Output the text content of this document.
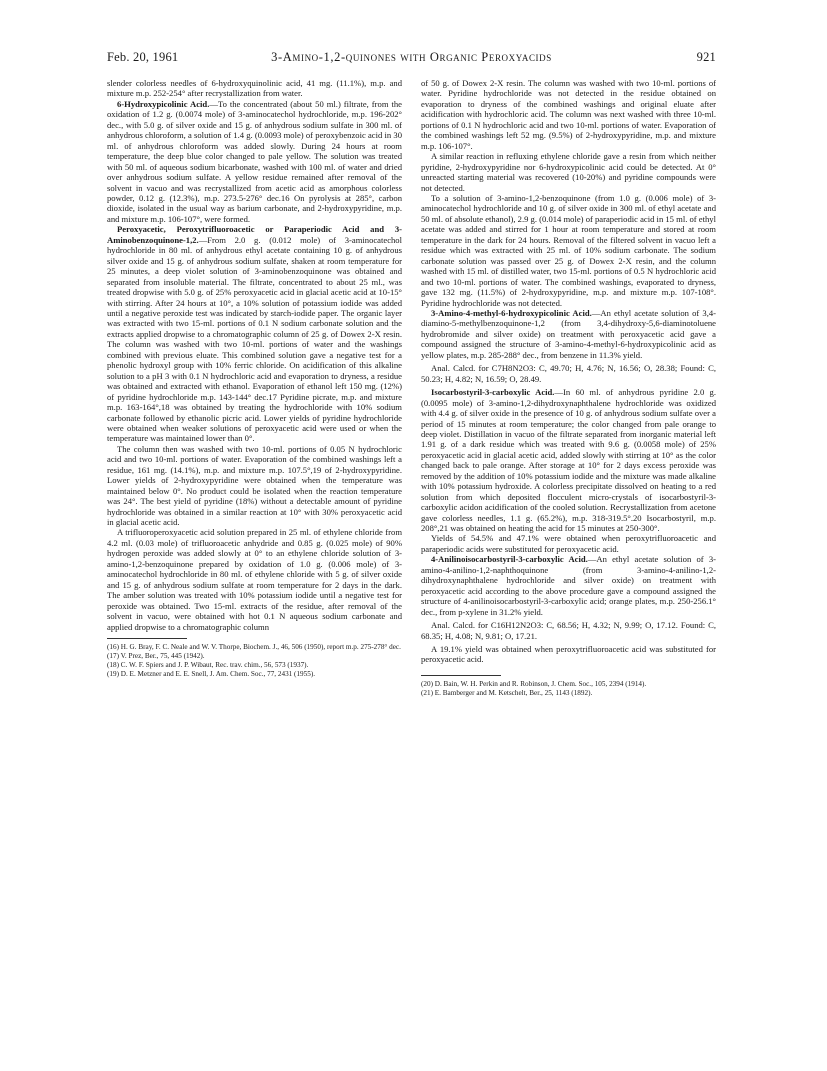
Feb. 20, 1961	3-Amino-1,2-quinones with Organic Peroxyacids	921

slender colorless needles of 6-hydroxyquinolinic acid, 41 mg. (11.1%), m.p. and mixture m.p. 252-254° after recrystallization from water.

6-Hydroxypicolinic Acid.—To the concentrated (about 50 ml.) filtrate, from the oxidation of 1.2 g. (0.0074 mole) of 3-aminocatechol hydrochloride, m.p. 196-202° dec., with 5.0 g. of silver oxide and 15 g. of anhydrous sodium sulfate in 300 ml. of anhydrous chloroform, a solution of 1.4 g. (0.0093 mole) of peroxybenzoic acid in 30 ml. of anhydrous chloroform was added slowly. During 24 hours at room temperature, the deep blue color changed to pale yellow. The solution was treated with 50 ml. of aqueous sodium bicarbonate, washed with 100 ml. of water and dried over anhydrous sodium sulfate. A yellow residue remained after removal of the solvent in vacuo and was recrystallized from acetic acid as amorphous colorless powder, 0.12 g. (12.3%), m.p. 273.5-276° dec.16 On pyrolysis at 285°, carbon dioxide, isolated in the usual way as barium carbonate, and 2-hydroxypyridine, m.p. and mixture m.p. 106-107°, were formed.

Peroxyacetic, Peroxytrifluoroacetic or Paraperiodic Acid and 3-Aminobenzoquinone-1,2.—From 2.0 g. (0.012 mole) of 3-aminocatechol hydrochloride in 80 ml. of anhydrous ethyl acetate containing 10 g. of anhydrous silver oxide and 15 g. of anhydrous sodium sulfate, shaken at room temperature for 25 minutes, a deep violet solution of 3-aminobenzoquinone was obtained and separated from insoluble material. The filtrate, concentrated to about 25 ml., was treated dropwise with 5.0 g. of 25% peroxyacetic acid in glacial acetic acid at 10-15° with stirring. After 24 hours at 10°, a 10% solution of potassium iodide was added until a negative peroxide test was indicated by starch-iodide paper. The organic layer was extracted with two 15-ml. portions of 0.1 N sodium carbonate solution and the extracts applied dropwise to a chromatographic column of 25 g. of Dowex 2-X resin. The column was washed with two 10-ml. portions of water and the washings combined with previous eluate. This combined solution gave a negative test for a phenolic hydroxyl group with 10% ferric chloride. On acidification of this alkaline solution to a pH 3 with 0.1 N hydrochloric acid and evaporation to dryness, a residue was obtained and extracted with ethanol. Evaporation of ethanol left 150 mg. (12%) of pyridine hydrochloride m.p. 143-144° dec.17 Pyridine picrate, m.p. and mixture m.p. 163-164°,18 was obtained by treating the hydrochloride with 10% sodium carbonate followed by ethanolic picric acid. Lower yields of pyridine hydrochloride were obtained when weaker solutions of peroxyacetic acid were used or when the temperature was maintained lower than 0°.

The column then was washed with two 10-ml. portions of 0.05 N hydrochloric acid and two 10-ml. portions of water. Evaporation of the combined washings left a residue, 161 mg. (14.1%), m.p. and mixture m.p. 107.5°,19 of 2-hydroxypyridine. Lower yields of 2-hydroxypyridine were obtained when the temperature was maintained below 0°. No product could be isolated when the reaction temperature was 24°. The best yield of pyridine (18%) without a detectable amount of pyridine hydrochloride was obtained in a similar reaction at 10° with 30% peroxyacetic acid in glacial acetic acid.

A trifluoroperoxyacetic acid solution prepared in 25 ml. of ethylene chloride from 4.2 ml. (0.03 mole) of trifluoroacetic anhydride and 0.85 g. (0.025 mole) of 90% hydrogen peroxide was added slowly at 0° to an ethylene chloride solution of 3-amino-1,2-benzoquinone prepared by oxidation of 1.0 g. (0.006 mole) of 3-aminocatechol hydrochloride in 80 ml. of ethylene chloride with 5 g. of silver oxide and 15 g. of anhydrous sodium sulfate at room temperature for 2 days in the dark. The amber solution was treated with 10% potassium iodide until a negative test for peroxide was obtained. Two 15-ml. extracts of the residue, after removal of the solvent in vacuo, were obtained with hot 0.1 N aqueous sodium carbonate and applied dropwise to a chromatographic column

(16) H. G. Bray, F. C. Neale and W. V. Thorpe, Biochem. J., 46, 506 (1950), report m.p. 275-278° dec.

(17) V. Prez, Ber., 75, 445 (1942).

(18) C. W. F. Spiers and J. P. Wibaut, Rec. trav. chim., 56, 573 (1937).

(19) D. E. Metzner and E. E. Snell, J. Am. Chem. Soc., 77, 2431 (1955).

of 50 g. of Dowex 2-X resin. The column was washed with two 10-ml. portions of water. Pyridine hydrochloride was not detected in the residue obtained on evaporation to dryness of the combined washings and original eluate after acidification with hydrochloric acid. The column was next washed with three 10-ml. portions of 0.1 N hydrochloric acid and two 10-ml. portions of water. Evaporation of the combined washings left 52 mg. (9.5%) of 2-hydroxypyridine, m.p. and mixture m.p. 106-107°.

A similar reaction in refluxing ethylene chloride gave a resin from which neither pyridine, 2-hydroxypyridine nor 6-hydroxypicolinic acid could be detected. At 0° unreacted starting material was recovered (10-20%) and pyridine compounds were not detected.

To a solution of 3-amino-1,2-benzoquinone (from 1.0 g. (0.006 mole) of 3-aminocatechol hydrochloride and 10 g. of silver oxide in 300 ml. of ethyl acetate and 50 ml. of absolute ethanol), 2.9 g. (0.014 mole) of paraperiodic acid in 15 ml. of ethyl acetate was added and stirred for 1 hour at room temperature and stored at room temperature in the dark for 24 hours. Removal of the filtered solvent in vacuo left a residue which was extracted with 25 ml. of 10% sodium carbonate. The sodium carbonate solution was passed over 25 g. of Dowex 2-X resin, and the column washed with 15 ml. of distilled water, two 15-ml. portions of 0.5 N hydrochloric acid and two 10-ml. portions of water. The combined washings, evaporated to dryness, gave 132 mg. (11.5%) of 2-hydroxypyridine, m.p. and mixture m.p. 107-108°. Pyridine hydrochloride was not detected.

3-Amino-4-methyl-6-hydroxypicolinic Acid.—An ethyl acetate solution of 3,4-diamino-5-methylbenzoquinone-1,2 (from 3,4-dihydroxy-5,6-diaminotoluene hydrobromide and silver oxide) on treatment with peroxyacetic acid gave a compound assigned the structure of 3-amino-4-methyl-6-hydroxypicolinic acid as yellow plates, m.p. 285-288° dec., from benzene in 11.3% yield.

Anal. Calcd. for C7H8N2O3: C, 49.70; H, 4.76; N, 16.56; O, 28.38; Found: C, 50.23; H, 4.82; N, 16.59; O, 28.49.

Isocarbostyril-3-carboxylic Acid.—In 60 ml. of anhydrous pyridine 2.0 g. (0.0095 mole) of 3-amino-1,2-dihydroxynaphthalene hydrochloride was oxidized with 4.4 g. of silver oxide in the presence of 10 g. of anhydrous sodium sulfate over a period of 15 minutes at room temperature; the color changed from pale orange to deep violet. Distillation in vacuo of the filtrate separated from inorganic material left 1.91 g. of a dark residue which was treated with 9.6 g. (0.0058 mole) of 25% peroxyacetic acid in glacial acetic acid, added slowly with stirring at 10° as the color changed back to pale orange. After storage at 10° for 2 days excess peroxide was removed by the addition of 10% potassium iodide and the mixture was made alkaline with 10% potassium hydroxide. A colorless precipitate dissolved on heating to a red solution from which deposited flocculent micro-crystals of isocarbostyril-3-carboxylic acidon acidification of the cooled solution. Recrystallization from acetone gave colorless needles, 1.1 g. (65.2%), m.p. 318-319.5°.20 Isocarbostyril, m.p. 208°,21 was obtained on heating the acid for 15 minutes at 250-300°.

Yields of 54.5% and 47.1% were obtained when peroxytrifluoroacetic and paraperiodic acids were substituted for peroxyacetic acid.

4-Anilinoisocarbostyril-3-carboxylic Acid.—An ethyl acetate solution of 3-amino-4-anilino-1,2-naphthoquinone (from 3-amino-4-anilino-1,2-dihydroxynaphthalene hydrochloride and silver oxide) on treatment with peroxyacetic acid according to the above procedure gave a compound assigned the structure of 4-anilinoisocarbostyril-3-carboxylic acid; orange plates, m.p. 250-256.1° dec., from p-xylene in 31.2% yield.

Anal. Calcd. for C16H12N2O3: C, 68.56; H, 4.32; N, 9.99; O, 17.12. Found: C, 68.35; H, 4.08; N, 9.81; O, 17.21.

A 19.1% yield was obtained when peroxytrifluoroacetic acid was substituted for peroxyacetic acid.

(20) D. Bain, W. H. Perkin and R. Robinson, J. Chem. Soc., 105, 2394 (1914).

(21) E. Bamberger and M. Ketschelt, Ber., 25, 1143 (1892).
